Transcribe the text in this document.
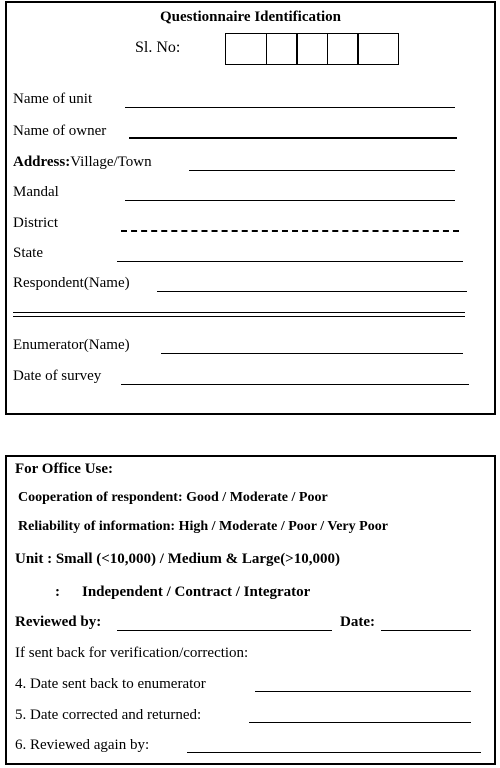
Questionnaire Identification
Sl. No:
Name of unit
Name of owner
Address:Village/Town
Mandal
District
State
Respondent(Name)
Enumerator(Name)
Date of survey
For Office Use:
Cooperation of respondent: Good / Moderate / Poor
Reliability of information: High / Moderate / Poor / Very Poor
Unit : Small (<10,000) / Medium & Large(>10,000)
: Independent / Contract / Integrator
Reviewed by:	Date:
If sent back for verification/correction:
4. Date sent back to enumerator
5. Date corrected and returned:
6. Reviewed again by:
